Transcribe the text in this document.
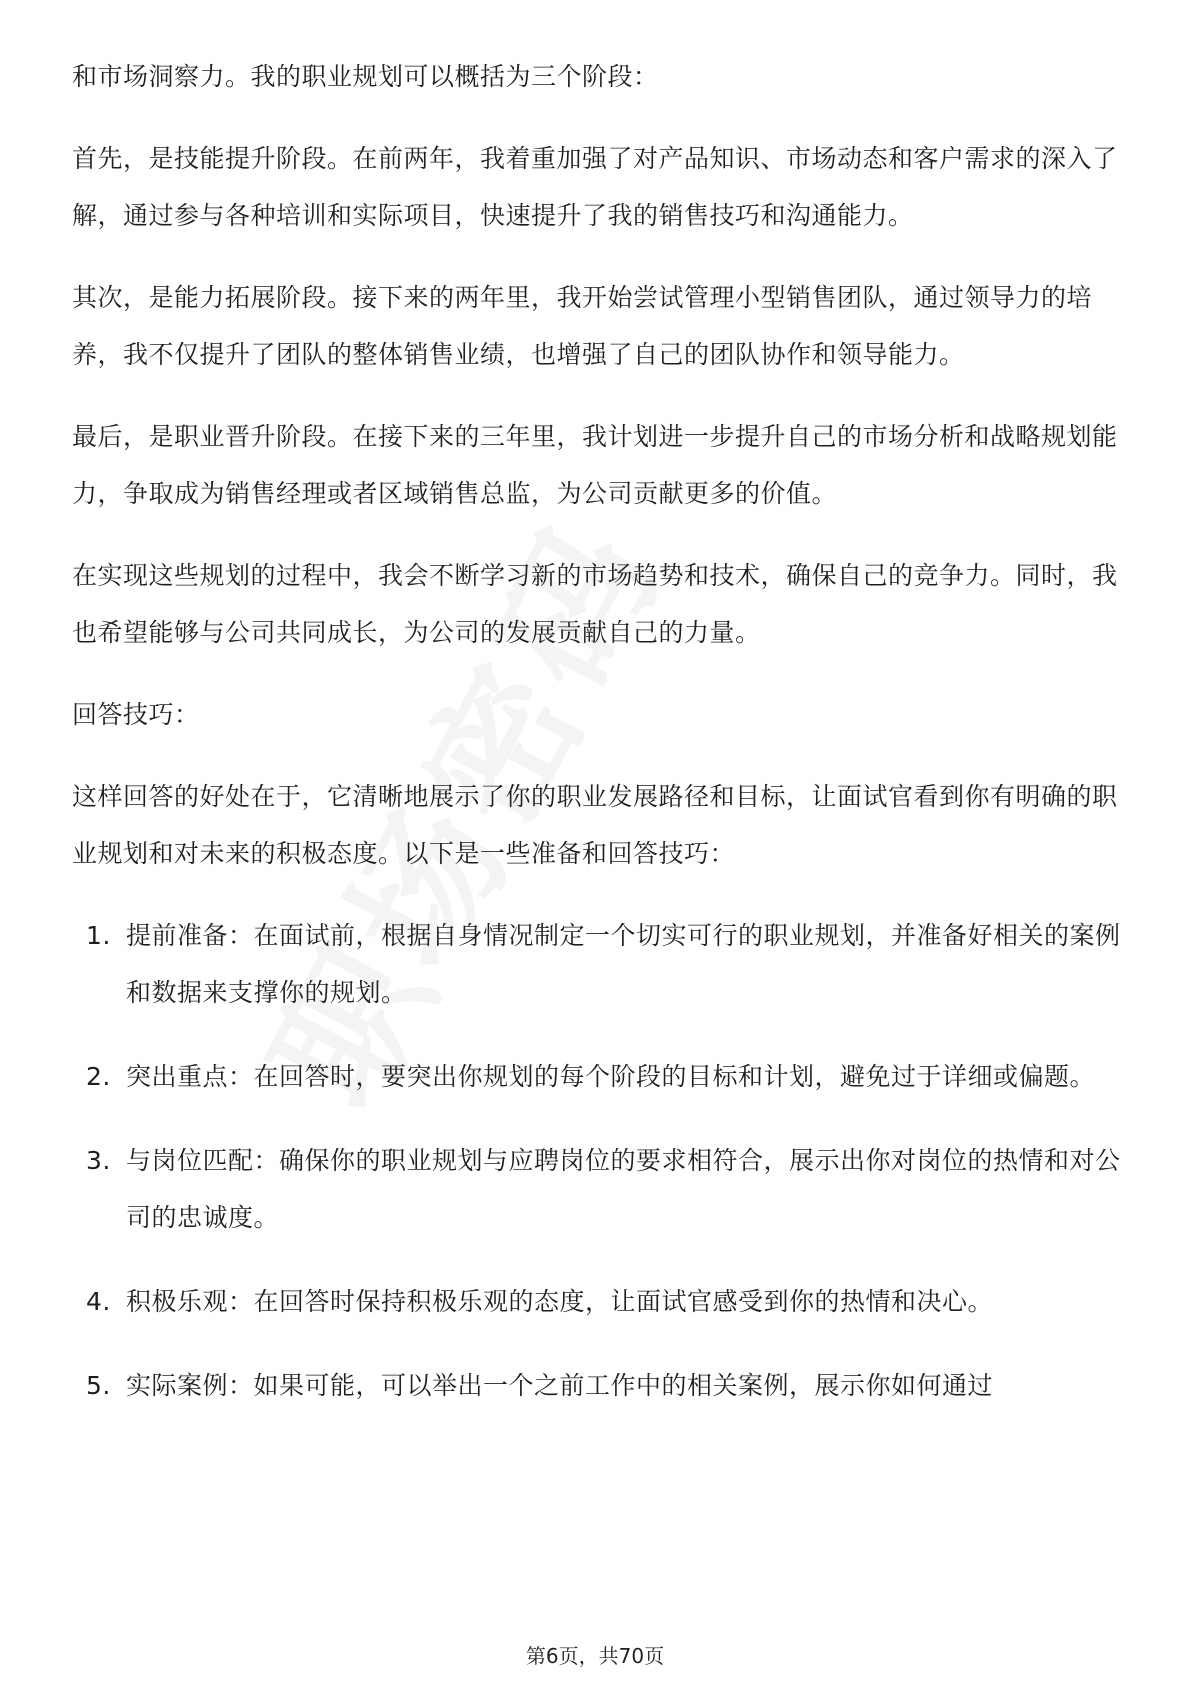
和市场洞察力。我的职业规划可以概括为三个阶段：

首先，是技能提升阶段。在前两年，我着重加强了对产品知识、市场动态和客户需求的深入了解，通过参与各种培训和实际项目，快速提升了我的销售技巧和沟通能力。

其次，是能力拓展阶段。接下来的两年里，我开始尝试管理小型销售团队，通过领导力的培养，我不仅提升了团队的整体销售业绩，也增强了自己的团队协作和领导能力。

最后，是职业晋升阶段。在接下来的三年里，我计划进一步提升自己的市场分析和战略规划能力，争取成为销售经理或者区域销售总监，为公司贡献更多的价值。

在实现这些规划的过程中，我会不断学习新的市场趋势和技术，确保自己的竞争力。同时，我也希望能够与公司共同成长，为公司的发展贡献自己的力量。

回答技巧：

这样回答的好处在于，它清晰地展示了你的职业发展路径和目标，让面试官看到你有明确的职业规划和对未来的积极态度。以下是一些准备和回答技巧：

1. 提前准备：在面试前，根据自身情况制定一个切实可行的职业规划，并准备好相关的案例和数据来支撑你的规划。
2. 突出重点：在回答时，要突出你规划的每个阶段的目标和计划，避免过于详细或偏题。
3. 与岗位匹配：确保你的职业规划与应聘岗位的要求相符合，展示出你对岗位的热情和对公司的忠诚度。
4. 积极乐观：在回答时保持积极乐观的态度，让面试官感受到你的热情和决心。
5. 实际案例：如果可能，可以举出一个之前工作中的相关案例，展示你如何通过
第6页，共70页
